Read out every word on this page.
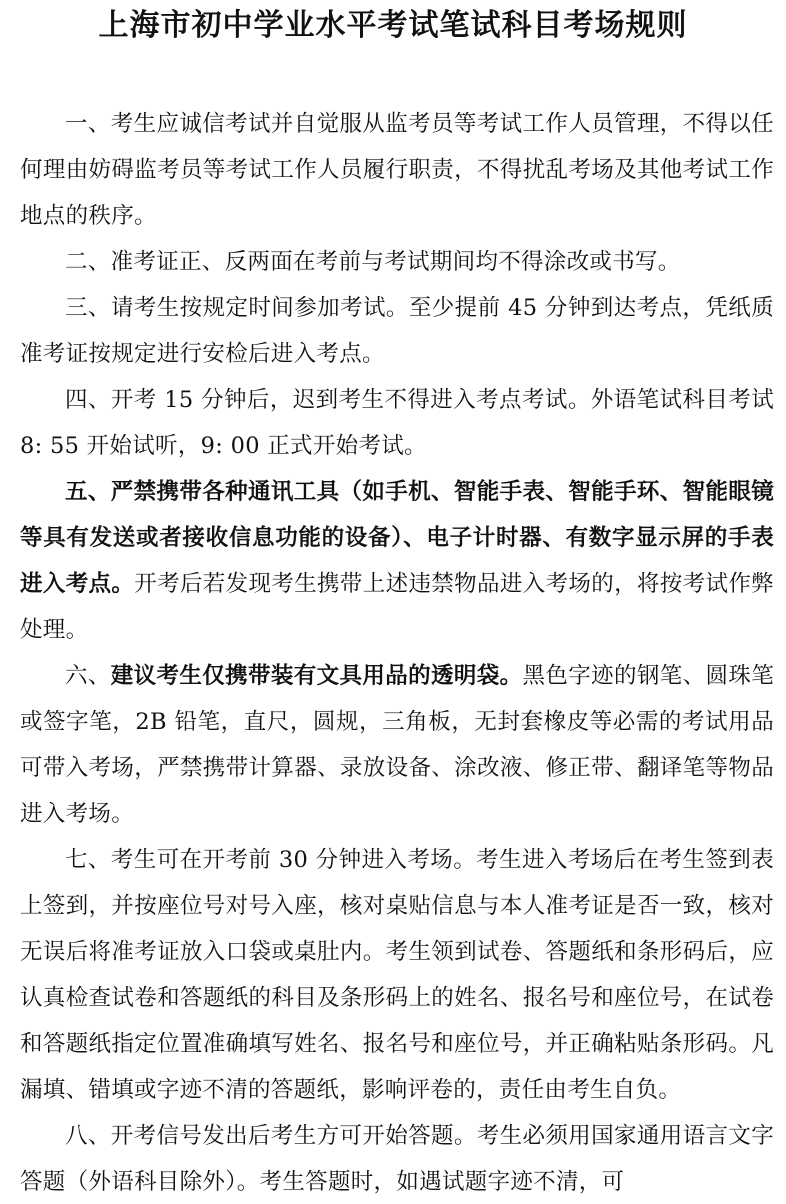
上海市初中学业水平考试笔试科目考场规则

一、考生应诚信考试并自觉服从监考员等考试工作人员管理，不得以任何理由妨碍监考员等考试工作人员履行职责，不得扰乱考场及其他考试工作地点的秩序。

二、准考证正、反两面在考前与考试期间均不得涂改或书写。

三、请考生按规定时间参加考试。至少提前 45 分钟到达考点，凭纸质准考证按规定进行安检后进入考点。

四、开考 15 分钟后，迟到考生不得进入考点考试。外语笔试科目考试 8: 55 开始试听，9: 00 正式开始考试。

五、严禁携带各种通讯工具（如手机、智能手表、智能手环、智能眼镜等具有发送或者接收信息功能的设备）、电子计时器、有数字显示屏的手表进入考点。开考后若发现考生携带上述违禁物品进入考场的，将按考试作弊处理。

六、建议考生仅携带装有文具用品的透明袋。黑色字迹的钢笔、圆珠笔或签字笔，2B 铅笔，直尺，圆规，三角板，无封套橡皮等必需的考试用品可带入考场，严禁携带计算器、录放设备、涂改液、修正带、翻译笔等物品进入考场。

七、考生可在开考前 30 分钟进入考场。考生进入考场后在考生签到表上签到，并按座位号对号入座，核对桌贴信息与本人准考证是否一致，核对无误后将准考证放入口袋或桌肚内。考生领到试卷、答题纸和条形码后，应认真检查试卷和答题纸的科目及条形码上的姓名、报名号和座位号，在试卷和答题纸指定位置准确填写姓名、报名号和座位号，并正确粘贴条形码。凡漏填、错填或字迹不清的答题纸，影响评卷的，责任由考生自负。

八、开考信号发出后考生方可开始答题。考生必须用国家通用语言文字答题（外语科目除外）。考生答题时，如遇试题字迹不清，可
